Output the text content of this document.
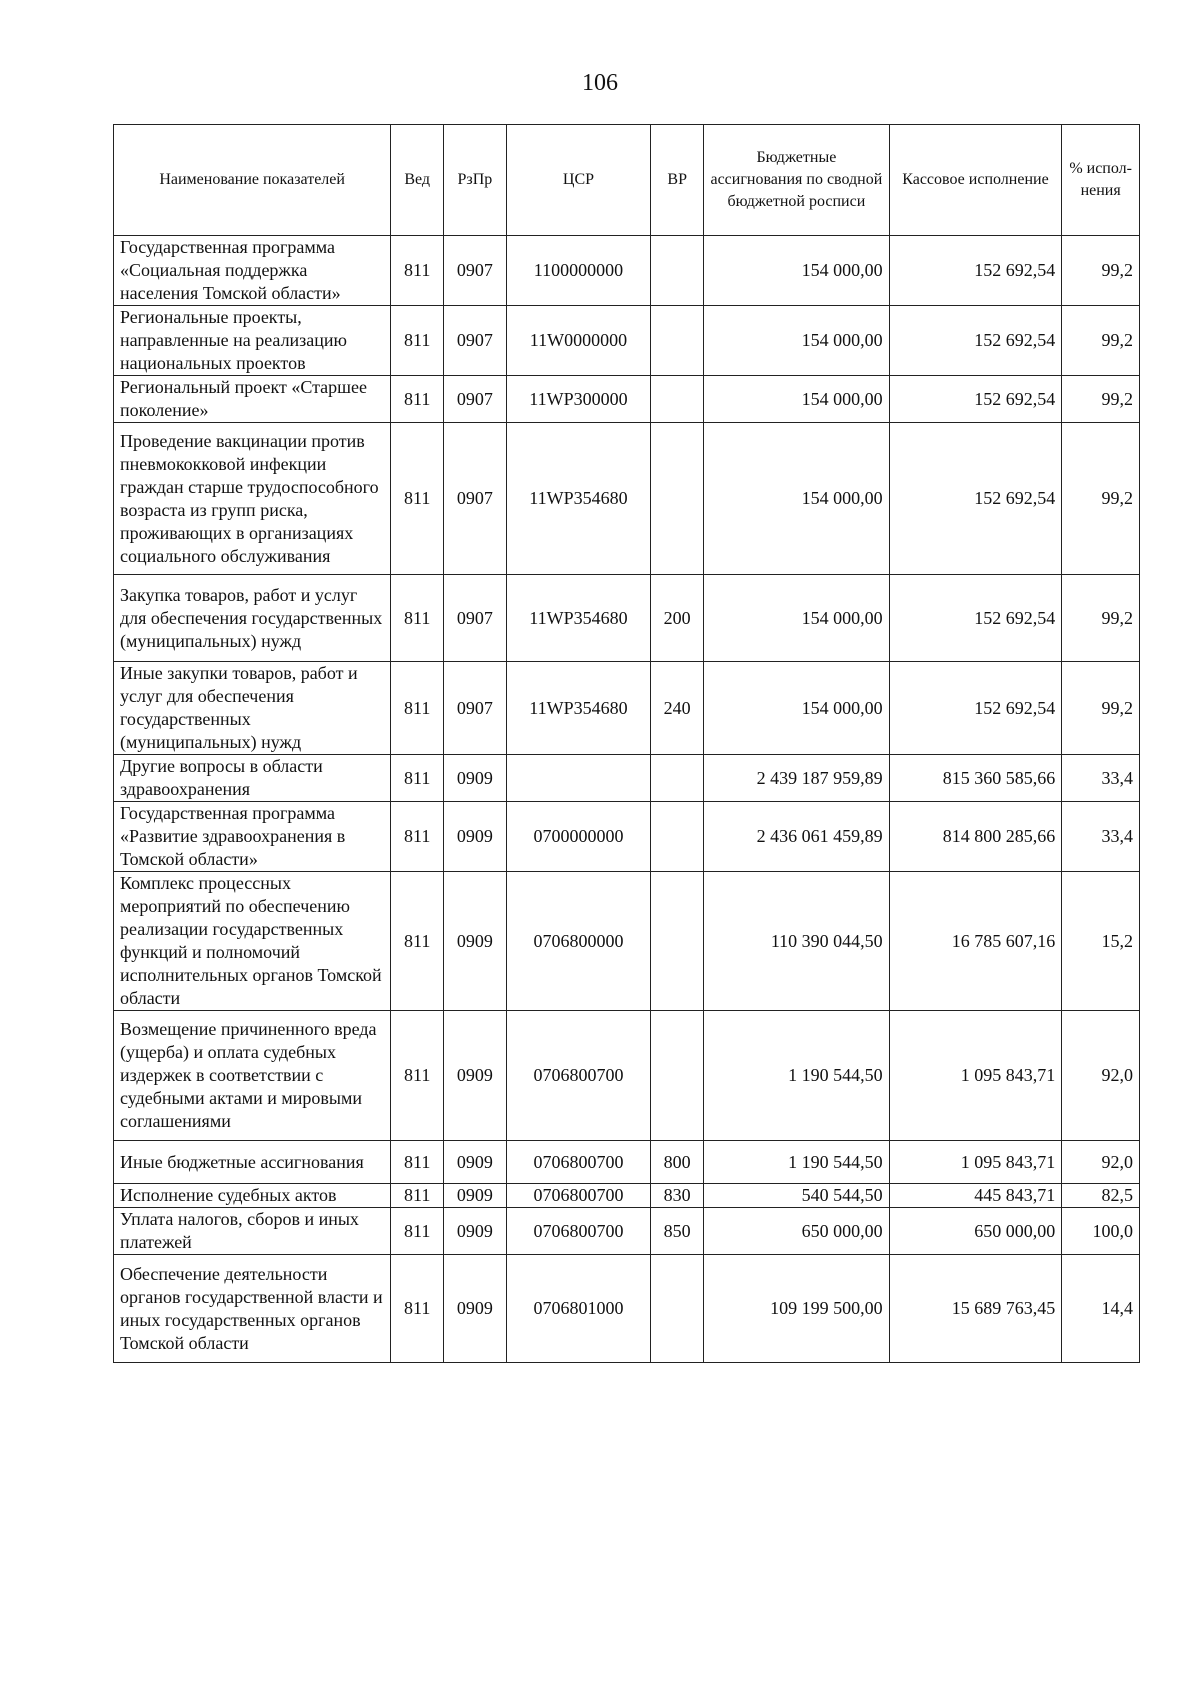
106
Наименование показателей	Вед	РзПр	ЦСР	ВР	Бюджетные ассигнования по сводной бюджетной росписи	Кассовое исполнение	% испол-нения
Государственная программа «Социальная поддержка населения Томской области»	811	0907	1100000000		154 000,00	152 692,54	99,2
Региональные проекты, направленные на реализацию национальных проектов	811	0907	11W0000000		154 000,00	152 692,54	99,2
Региональный проект «Старшее поколение»	811	0907	11WP300000		154 000,00	152 692,54	99,2
Проведение вакцинации против пневмококковой инфекции граждан старше трудоспособного возраста из групп риска, проживающих в организациях социального обслуживания	811	0907	11WP354680		154 000,00	152 692,54	99,2
Закупка товаров, работ и услуг для обеспечения государственных (муниципальных) нужд	811	0907	11WP354680	200	154 000,00	152 692,54	99,2
Иные закупки товаров, работ и услуг для обеспечения государственных (муниципальных) нужд	811	0907	11WP354680	240	154 000,00	152 692,54	99,2
Другие вопросы в области здравоохранения	811	0909			2 439 187 959,89	815 360 585,66	33,4
Государственная программа «Развитие здравоохранения в Томской области»	811	0909	0700000000		2 436 061 459,89	814 800 285,66	33,4
Комплекс процессных мероприятий по обеспечению реализации государственных функций и полномочий исполнительных органов Томской области	811	0909	0706800000		110 390 044,50	16 785 607,16	15,2
Возмещение причиненного вреда (ущерба) и оплата судебных издержек в соответствии с судебными актами и мировыми соглашениями	811	0909	0706800700		1 190 544,50	1 095 843,71	92,0
Иные бюджетные ассигнования	811	0909	0706800700	800	1 190 544,50	1 095 843,71	92,0
Исполнение судебных актов	811	0909	0706800700	830	540 544,50	445 843,71	82,5
Уплата налогов, сборов и иных платежей	811	0909	0706800700	850	650 000,00	650 000,00	100,0
Обеспечение деятельности органов государственной власти и иных государственных органов Томской области	811	0909	0706801000		109 199 500,00	15 689 763,45	14,4
